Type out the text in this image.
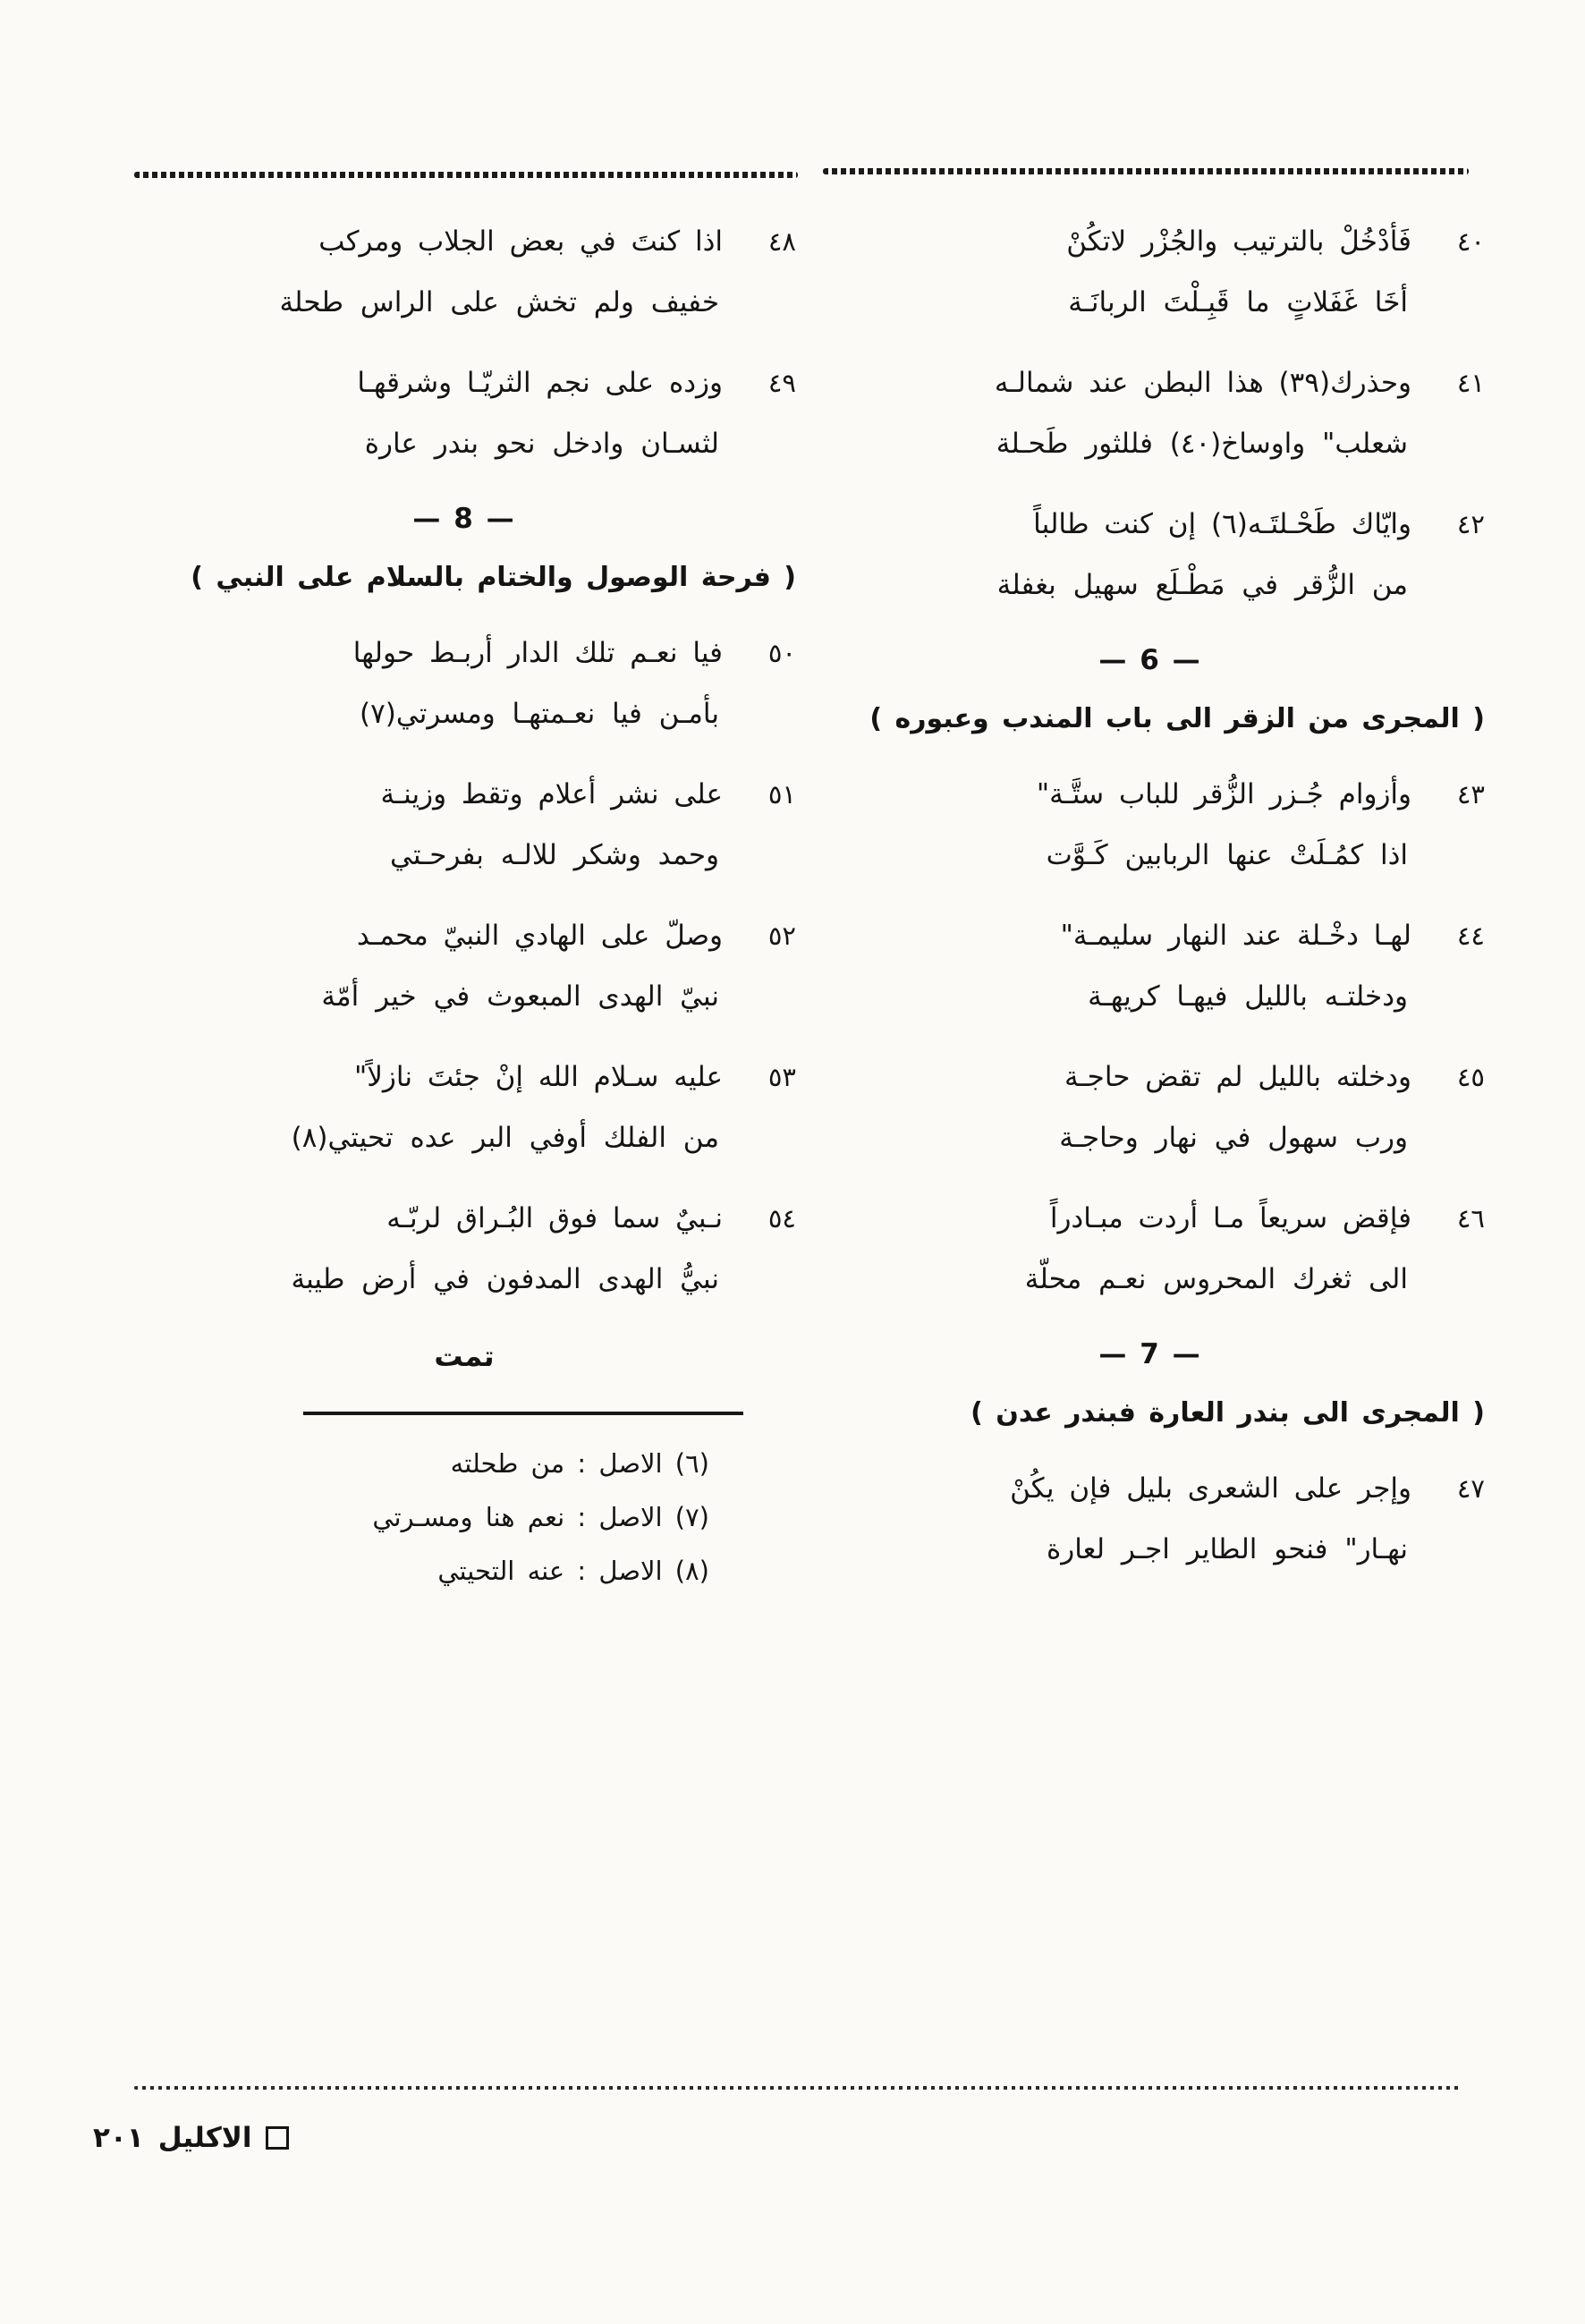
٤٠
فَأدْخُلْ بالترتيب والجُزْر لاتكُنْ
أخَا غَفَلاتٍ ما قَبِـلْتَ الربانَـة
٤١
وحذرك(٣٩) هذا البطن عند شمالـه
شعلب" واوساخ(٤٠) فللثور طَحـلة
٤٢
وايّاك طَحْـلتَـه(٦) إن كنت طالباً
من الزُّقر في مَطْـلَع سهيل بغفلة
— 6 —
( المجرى من الزقر الى باب المندب وعبوره )
٤٣
وأزوام جُـزر الزُّقر للباب ستَّـة"
اذا كمُـلَتْ عنها الربابين كَـوَّت
٤٤
لهـا دخْـلة عند النهار سليمـة"
ودخلتـه بالليل فيهـا كريهـة
٤٥
ودخلته بالليل لم تقض حاجـة
ورب سهول في نهار وحاجـة
٤٦
فإقض سريعاً مـا أردت مبـادراً
الى ثغرك المحروس نعـم محلّة
— 7 —
( المجرى الى بندر العارة فبندر عدن )
٤٧
وإجر على الشعرى بليل فإن يكُنْ
نهـار" فنحو الطاير اجـر لعارة
٤٨
اذا كنتَ في بعض الجلاب ومركب
خفيف ولم تخش على الراس طحلة
٤٩
وزده على نجم الثريّـا وشرقهـا
لثسـان وادخل نحو بندر عارة
— 8 —
( فرحة الوصول والختام بالسلام على النبي )
٥٠
فيا نعـم تلك الدار أربـط حولها
بأمـن فيا نعـمتهـا ومسرتي(٧)
٥١
على نشر أعلام وتقط وزينـة
وحمد وشكر للالـه بفرحـتي
٥٢
وصلّ على الهادي النبيّ محمـد
نبيّ الهدى المبعوث في خير أمّة
٥٣
عليه سـلام الله إنْ جئتَ نازلاً"
من الفلك أوفي البر عده تحيتي(٨)
٥٤
نـبيٌ سما فوق البُـراق لربّـه
نبيُّ الهدى المدفون في أرض طيبة
تمت
(٦) الاصل : من طحلته
(٧) الاصل : نعم هنا ومسـرتي
(٨) الاصل : عنه التحيتي
٢٠١ الاكليل
